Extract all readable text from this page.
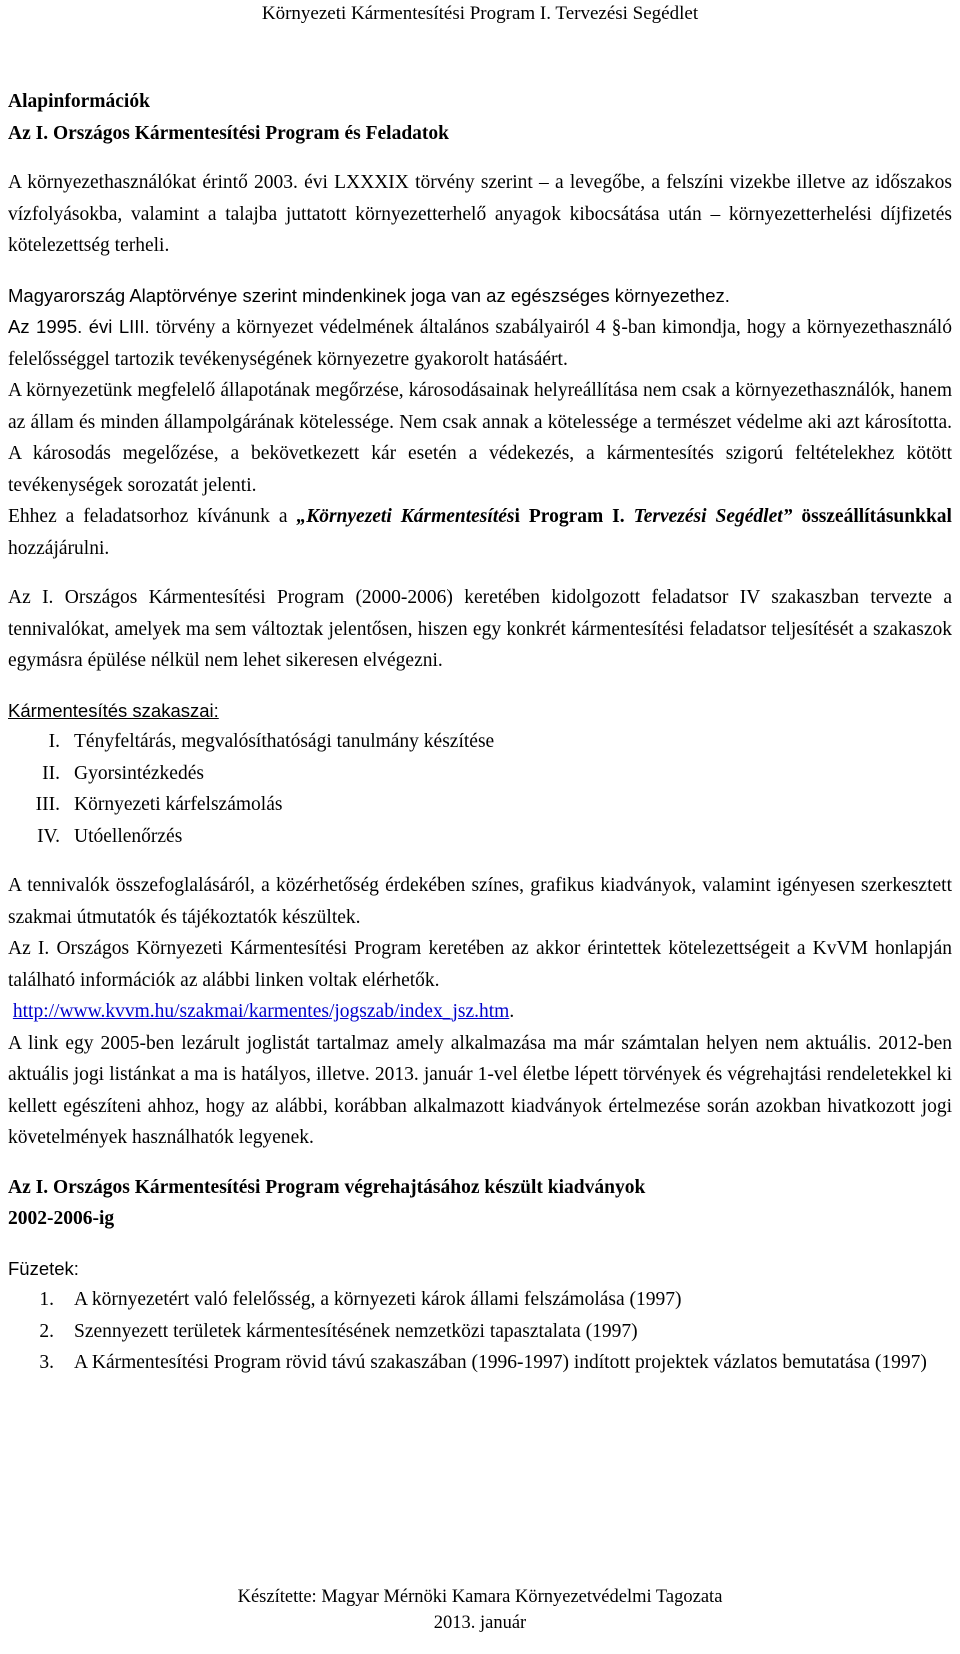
Környezeti Kármentesítési Program I. Tervezési Segédlet

Alapinformációk

Az I. Országos Kármentesítési Program és Feladatok

A környezethasználókat érintő 2003. évi LXXXIX törvény szerint – a levegőbe, a felszíni vizekbe illetve az időszakos vízfolyásokba, valamint a talajba juttatott környezetterhelő anyagok kibocsátása után – környezetterhelési díjfizetés kötelezettség terheli.

Magyarország Alaptörvénye szerint mindenkinek joga van az egészséges környezethez.

Az 1995. évi LIII. törvény a környezet védelmének általános szabályairól 4 §-ban kimondja, hogy a környezethasználó felelősséggel tartozik tevékenységének környezetre gyakorolt hatásáért.

A környezetünk megfelelő állapotának megőrzése, károsodásainak helyreállítása nem csak a környezethasználók, hanem az állam és minden állampolgárának kötelessége. Nem csak annak a kötelessége a természet védelme aki azt károsította. A károsodás megelőzése, a bekövetkezett kár esetén a védekezés, a kármentesítés szigorú feltételekhez kötött tevékenységek sorozatát jelenti.

Ehhez a feladatsorhoz kívánunk a „Környezeti Kármentesítési Program I. Tervezési Segédlet” összeállításunkkal hozzájárulni.

Az I. Országos Kármentesítési Program (2000-2006) keretében kidolgozott feladatsor IV szakaszban tervezte a tennivalókat, amelyek ma sem változtak jelentősen, hiszen egy konkrét kármentesítési feladatsor teljesítését a szakaszok egymásra épülése nélkül nem lehet sikeresen elvégezni.

Kármentesítés szakaszai:

I. Tényfeltárás, megvalósíthatósági tanulmány készítése
II. Gyorsintézkedés
III. Környezeti kárfelszámolás
IV. Utóellenőrzés

A tennivalók összefoglalásáról, a közérhetőség érdekében színes, grafikus kiadványok, valamint igényesen szerkesztett szakmai útmutatók és tájékoztatók készültek.

Az I. Országos Környezeti Kármentesítési Program keretében az akkor érintettek kötelezettségeit a KvVM honlapján található információk az alábbi linken voltak elérhetők.

http://www.kvvm.hu/szakmai/karmentes/jogszab/index_jsz.htm.

A link egy 2005-ben lezárult joglistát tartalmaz amely alkalmazása ma már számtalan helyen nem aktuális. 2012-ben aktuális jogi listánkat a ma is hatályos, illetve. 2013. január 1-vel életbe lépett törvények és végrehajtási rendeletekkel ki kellett egészíteni ahhoz, hogy az alábbi, korábban alkalmazott kiadványok értelmezése során azokban hivatkozott jogi követelmények használhatók legyenek.

Az I. Országos Kármentesítési Program végrehajtásához készült kiadványok

2002-2006-ig

Füzetek:

1.	A környezetért való felelősség, a környezeti károk állami felszámolása (1997)
2.	Szennyezett területek kármentesítésének nemzetközi tapasztalata (1997)
3.	A Kármentesítési Program rövid távú szakaszában (1996-1997) indított projektek vázlatos bemutatása (1997)
Készítette: Magyar Mérnöki Kamara Környezetvédelmi Tagozata
2013. január
